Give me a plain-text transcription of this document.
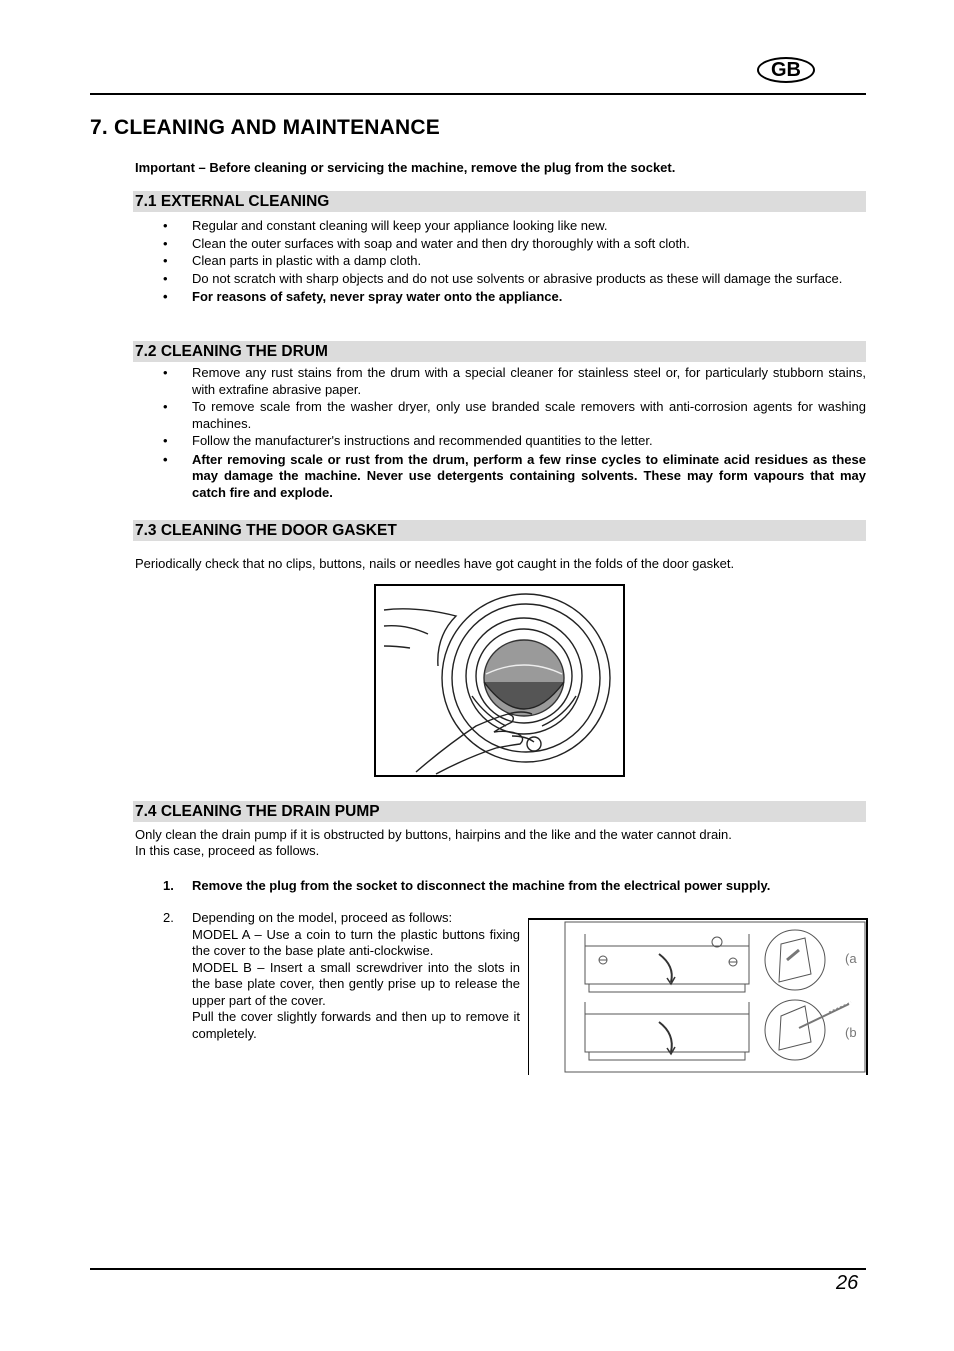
GB
7. CLEANING AND MAINTENANCE
Important – Before cleaning or servicing the machine, remove the plug from the socket.
7.1 EXTERNAL CLEANING
• Regular and constant cleaning will keep your appliance looking like new.
• Clean the outer surfaces with soap and water and then dry thoroughly with a soft cloth.
• Clean parts in plastic with a damp cloth.
• Do not scratch with sharp objects and do not use solvents or abrasive products as these will damage the surface.
• For reasons of safety, never spray water onto the appliance.
7.2 CLEANING THE DRUM
• Remove any rust stains from the drum with a special cleaner for stainless steel or, for particularly stubborn stains, with extrafine abrasive paper.
• To remove scale from the washer dryer, only use branded scale removers with anti-corrosion agents for washing machines.
• Follow the manufacturer's instructions and recommended quantities to the letter.
• After removing scale or rust from the drum, perform a few rinse cycles to eliminate acid residues as these may damage the machine. Never use detergents containing solvents. These may form vapours that may catch fire and explode.
7.3 CLEANING THE DOOR GASKET
Periodically check that no clips, buttons, nails or needles have got caught in the folds of the door gasket.
7.4 CLEANING THE DRAIN PUMP
Only clean the drain pump if it is obstructed by buttons, hairpins and the like and the water cannot drain.
In this case, proceed as follows.
1. Remove the plug from the socket to disconnect the machine from the electrical power supply.
2. Depending on the model, proceed as follows:
MODEL A – Use a coin to turn the plastic buttons fixing the cover to the base plate anti-clockwise.
MODEL B – Insert a small screwdriver into the slots in the base plate cover, then gently prise up to release the upper part of the cover.
Pull the cover slightly forwards and then up to remove it completely.
(a
(b
26
